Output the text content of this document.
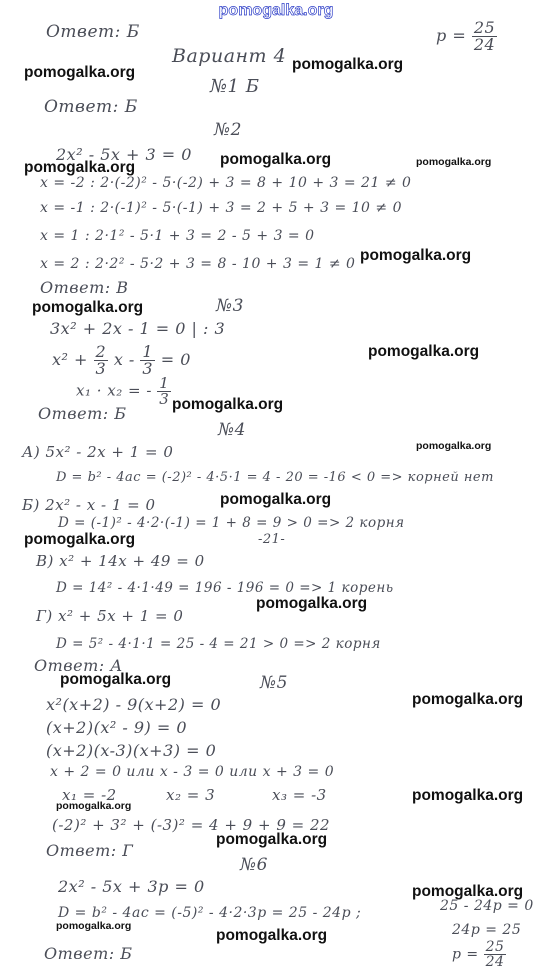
pomogalka.org
Ответ: Б	$p = \frac{25}{24}$
Вариант 4
№1 Б
Ответ: Б
№2
2x² - 5x + 3 = 0
x = -2 : 2·(-2)² - 5·(-2) + 3 = 8 + 10 + 3 = 21 ≠ 0
x = -1 : 2·(-1)² - 5·(-1) + 3 = 2 + 5 + 3 = 10 ≠ 0
x = 1 : 2·1² - 5·1 + 3 = 2 - 5 + 3 = 0
x = 2 : 2·2² - 5·2 + 3 = 8 - 10 + 3 = 1 ≠ 0
Ответ: В
№3
3x² + 2x - 1 = 0 | : 3
$x^2 + \frac{2}{3}$ $x - \frac{1}{3} = 0$
x₁ · x₂ = - $\frac{1}{3}$
Ответ: Б
№4
А) 5x² - 2x + 1 = 0
D = b² - 4ac = (-2)² - 4·5·1 = 4 - 20 = -16 < 0 => корней нет
Б) 2x² - x - 1 = 0
D = (-1)² - 4·2·(-1) = 1 + 8 = 9 > 0 => 2 корня
-21-
В) x² + 14x + 49 = 0
D = 14² - 4·1·49 = 196 - 196 = 0 => 1 корень
Г) x² + 5x + 1 = 0
D = 5² - 4·1·1 = 25 - 4 = 21 > 0 => 2 корня
Ответ: А
№5
x²(x+2) - 9(x+2) = 0
(x+2)(x² - 9) = 0
(x+2)(x-3)(x+3) = 0
x + 2 = 0 или x - 3 = 0 или x + 3 = 0
x₁ = -2	x₂ = 3	x₃ = -3
(-2)² + 3² + (-3)² = 4 + 9 + 9 = 22
Ответ: Г
№6
2x² - 5x + 3p = 0
D = b² - 4ac = (-5)² - 4·2·3p = 25 - 24p ;	25 - 24p = 0
24p = 25
$p = \frac{25}{24}$
Ответ: Б
pomogalka.org	pomogalka.org
pomogalka.org	pomogalka.org	pomogalka.org
pomogalka.org
pomogalka.org
pomogalka.org
pomogalka.org
pomogalka.org
pomogalka.org
pomogalka.org
pomogalka.org
pomogalka.org
pomogalka.org
pomogalka.org
pomogalka.org
pomogalka.org
pomogalka.org
pomogalka.org
pomogalka.org
